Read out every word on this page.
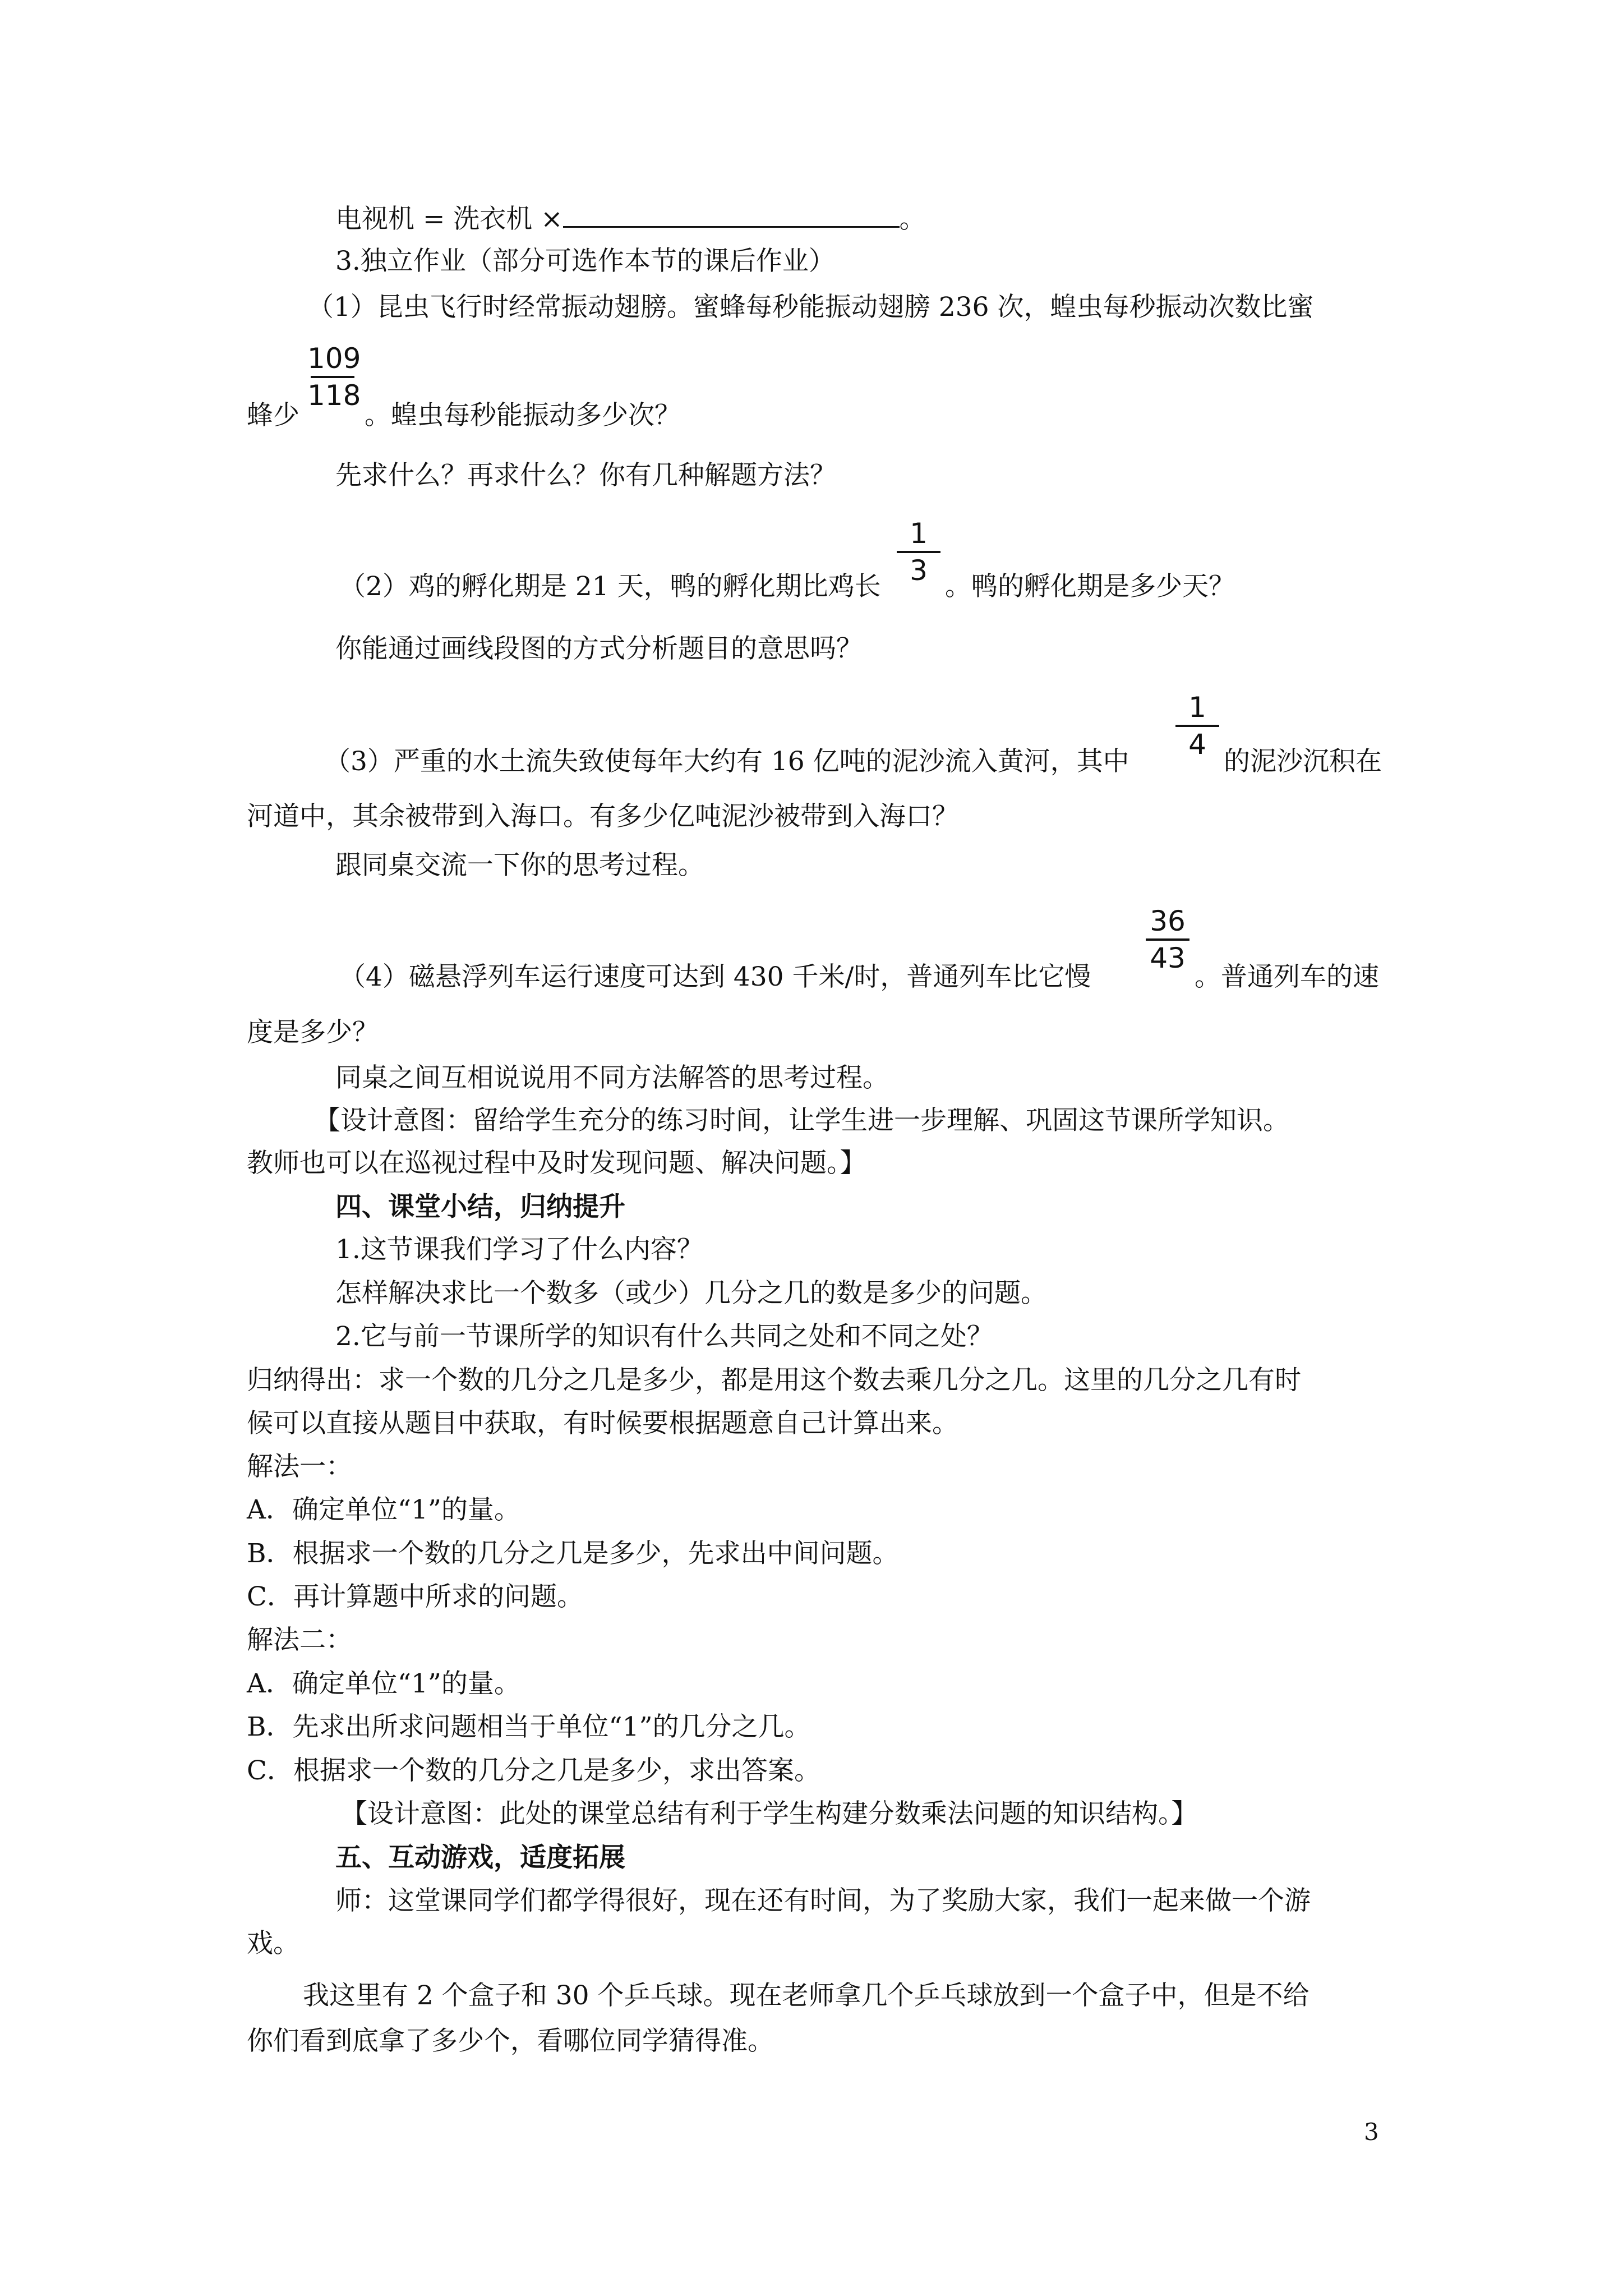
电视机 = 洗衣机 ×	。
3.独立作业（部分可选作本节的课后作业）
（1）昆虫飞行时经常振动翅膀。蜜蜂每秒能振动翅膀 236 次，蝗虫每秒振动次数比蜜
109
118
蜂少 。蝗虫每秒能振动多少次？
先求什么？再求什么？你有几种解题方法？
（2）鸡的孵化期是 21 天，鸭的孵化期比鸡长
1
3 。鸭的孵化期是多少天？
你能通过画线段图的方式分析题目的意思吗？
（3）严重的水土流失致使每年大约有 16 亿吨的泥沙流入黄河，其中
1
4
的泥沙沉积在
河道中，其余被带到入海口。有多少亿吨泥沙被带到入海口？
跟同桌交流一下你的思考过程。
（4）磁悬浮列车运行速度可达到 430 千米/时，普通列车比它慢
36
43
。普通列车的速
度是多少？
同桌之间互相说说用不同方法解答的思考过程。
【设计意图：留给学生充分的练习时间，让学生进一步理解、巩固这节课所学知识。
教师也可以在巡视过程中及时发现问题、解决问题。】
四、课堂小结，归纳提升
1.这节课我们学习了什么内容？
怎样解决求比一个数多（或少）几分之几的数是多少的问题。
2.它与前一节课所学的知识有什么共同之处和不同之处？
归纳得出：求一个数的几分之几是多少，都是用这个数去乘几分之几。这里的几分之几有时
候可以直接从题目中获取，有时候要根据题意自己计算出来。
解法一：
A．确定单位“1”的量。
B．根据求一个数的几分之几是多少，先求出中间问题。
C．再计算题中所求的问题。
解法二：
A．确定单位“1”的量。
B．先求出所求问题相当于单位“1”的几分之几。
C．根据求一个数的几分之几是多少，求出答案。
【设计意图：此处的课堂总结有利于学生构建分数乘法问题的知识结构。】
五、互动游戏，适度拓展
师：这堂课同学们都学得很好，现在还有时间，为了奖励大家，我们一起来做一个游
戏。
我这里有 2 个盒子和 30 个乒乓球。现在老师拿几个乒乓球放到一个盒子中，但是不给
你们看到底拿了多少个，看哪位同学猜得准。
3
